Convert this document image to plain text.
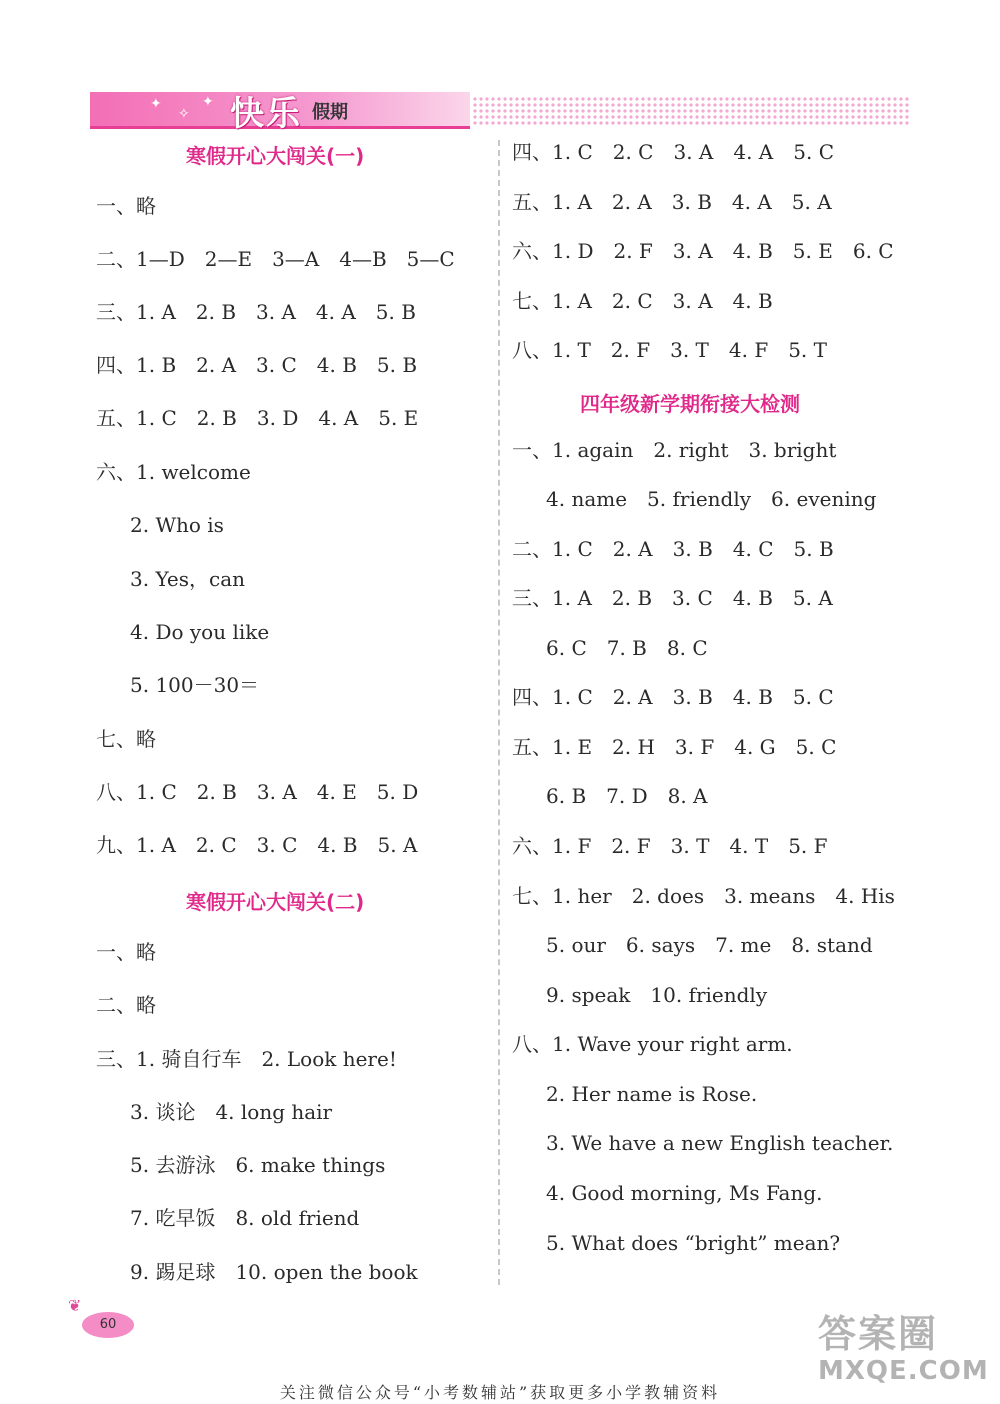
✦
✧
✦ 快乐 假期
寒假开心大闯关(一)
一、略
二、1—D　2—E　3—A　4—B　5—C
三、1. A　2. B　3. A　4. A　5. B
四、1. B　2. A　3. C　4. B　5. B
五、1. C　2. B　3. D　4. A　5. E
六、1. welcome
2. Who is
3. Yes，can
4. Do you like
5. 100－30＝
七、略
八、1. C　2. B　3. A　4. E　5. D
九、1. A　2. C　3. C　4. B　5. A
寒假开心大闯关(二)
一、略
二、略
三、1. 骑自行车　2. Look here!
3. 谈论　4. long hair
5. 去游泳　6. make things
7. 吃早饭　8. old friend
9. 踢足球　10. open the book
四、1. C　2. C　3. A　4. A　5. C
五、1. A　2. A　3. B　4. A　5. A
六、1. D　2. F　3. A　4. B　5. E　6. C
七、1. A　2. C　3. A　4. B
八、1. T　2. F　3. T　4. F　5. T
四年级新学期衔接大检测
一、1. again　2. right　3. bright
4. name　5. friendly　6. evening
二、1. C　2. A　3. B　4. C　5. B
三、1. A　2. B　3. C　4. B　5. A
6. C　7. B　8. C
四、1. C　2. A　3. B　4. B　5. C
五、1. E　2. H　3. F　4. G　5. C
6. B　7. D　8. A
六、1. F　2. F　3. T　4. T　5. F
七、1. her　2. does　3. means　4. His
5. our　6. says　7. me　8. stand
9. speak　10. friendly
八、1. Wave your right arm.
2. Her name is Rose.
3. We have a new English teacher.
4. Good morning, Ms Fang.
5. What does “bright” mean?
❦
60	答案圈
MXQE.COM
关注微信公众号“小考数辅站”获取更多小学教辅资料
